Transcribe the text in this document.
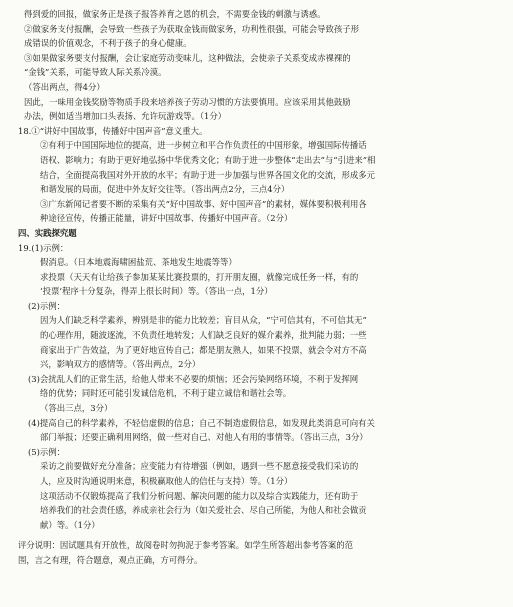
得到爱的回报，做家务正是孩子报答养育之恩的机会，不需要金钱的刺激与诱惑。
②做家务支付报酬，会导致一些孩子为获取金钱而做家务，功利性很强，可能会导致孩子形
成错误的价值观念，不利于孩子的身心健康。
③如果做家务要支付报酬，会让家庭劳动变味儿，这种做法，会使亲子关系变成赤裸裸的
“金钱”关系，可能导致人际关系冷漠。
（答出两点，得4分）
因此，一味用金钱奖励等物质手段来培养孩子劳动习惯的方法要慎用。应该采用其他鼓励
办法，例如适当增加口头表扬、允许玩游戏等。（1分）
18.①“讲好中国故事，传播好中国声音”意义重大。
②有利于中国国际地位的提高，进一步树立和平合作负责任的中国形象，增强国际传播话
语权、影响力；有助于更好地弘扬中华优秀文化；有助于进一步整体“走出去”与“引进来”相
结合，全面提高我国对外开放的水平；有助于进一步加强与世界各国文化的交流，形成多元
和谐发展的局面，促进中外友好交往等。（答出两点2分，三点4分）
③广东新闻记者要不断的采集有关“好中国故事、好中国声音”的素材，媒体要积极利用各
种途径宣传，传播正能量，讲好中国故事、传播好中国声音。（2分）
四、实践探究题
19.(1)示例：
假消息。（日本地震海啸困盐荒、茶地发生地震等等）
求投票（天天有让给孩子参加某某比赛投票的，打开朋友圈，就像完成任务一样，有的
‘投票’程序十分复杂，得弄上很长时间）等。（答出一点，1分）
(2)示例：
因为人们缺乏科学素养，辨别是非的能力比较差；盲目从众，“宁可信其有，不可信其无”
的心理作用，随波逐流，不负责任地转发；人们缺乏良好的媒介素养，批判能力弱；一些
商家出于广告效益，为了更好地宣传自己；都是朋友熟人，如果不投票，就会令对方不高
兴，影响双方的感情等。（答出两点，2分）
(3)会扰乱人们的正常生活，给他人带来不必要的烦恼；还会污染网络环境，不利于发挥网
络的优势；同时还可能引发诚信危机，不利于建立诚信和谐社会等。
（答出三点，3分）
(4)提高自己的科学素养，不轻信虚假的信息；自己不制造虚假信息，如发现此类消息可向有关
部门举报；还要正确利用网络，做一些对自己、对他人有用的事情等。（答出三点，3分）
(5)示例：
采访之前要做好充分准备；应变能力有待增强（例如，遇到一些不愿意接受我们采访的
人，应及时沟通说明来意，积极赢取他人的信任与支持）等。（1分）
这项活动不仅锻炼提高了我们分析问题、解决问题的能力以及综合实践能力，还有助于
培养我们的社会责任感，养成亲社会行为（如关爱社会、尽自己所能，为他人和社会做贡
献）等。（1分）
评分说明：因试题具有开放性，故阅卷时勿拘泥于参考答案。如学生所答超出参考答案的范
围，言之有理，符合题意，观点正确，方可得分。
